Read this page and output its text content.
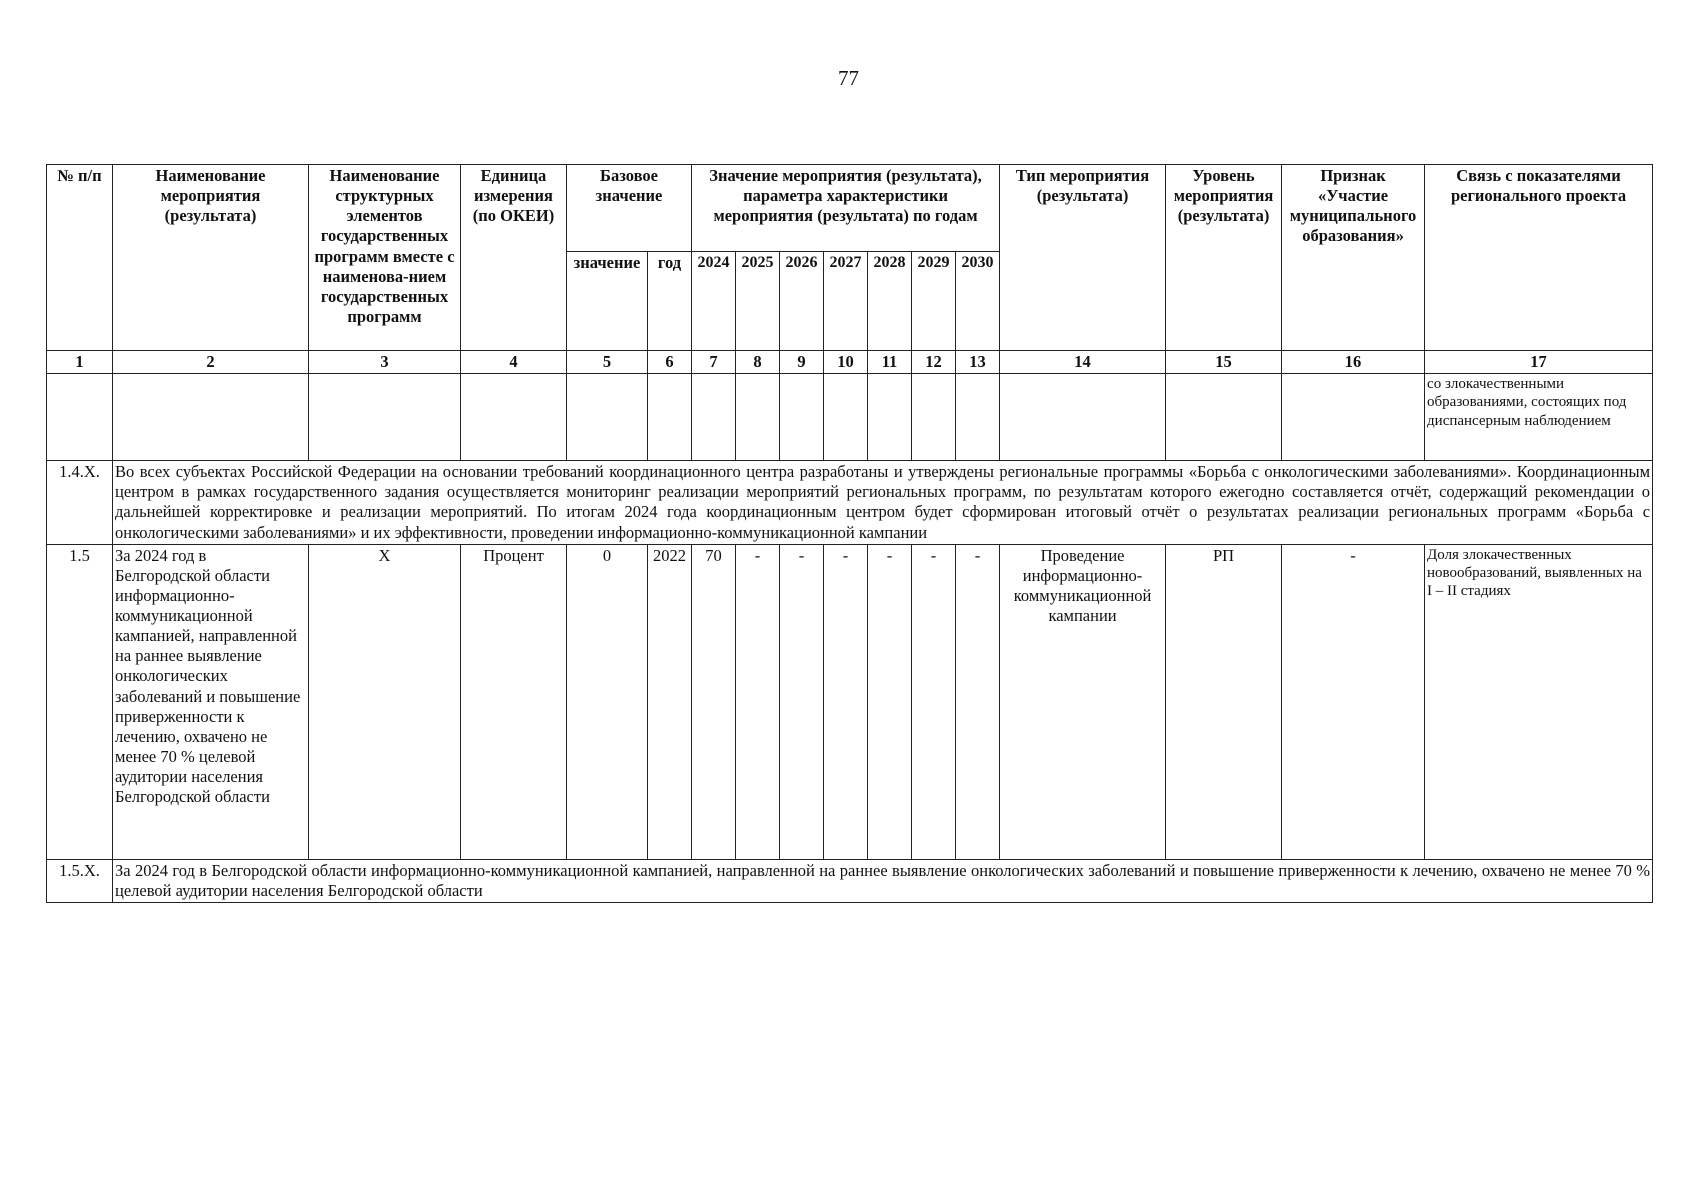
77
№ п/п	Наименование мероприятия (результата)	Наименование структурных элементов государственных программ вместе с наименова-нием государственных программ	Единица измерения (по ОКЕИ)	Базовое значение		Значение мероприятия (результата), параметра характеристики мероприятия (результата) по годам							Тип мероприятия (результата)	Уровень мероприятия (результата)	Признак «Участие муниципального образования»	Связь с показателями регионального проекта
				значение	год	2024	2025	2026	2027	2028	2029	2030				
1	2	3	4	5	6	7	8	9	10	11	12	13	14	15	16	17
																со злокачественными образованиями, состоящих под диспансерным наблюдением
1.4.X.	Во всех субъектах Российской Федерации на основании требований координационного центра разработаны и утверждены региональные программы «Борьба с онкологическими заболеваниями». Координационным центром в рамках государственного задания осуществляется мониторинг реализации мероприятий региональных программ, по результатам которого ежегодно составляется отчёт, содержащий рекомендации о дальнейшей корректировке и реализации мероприятий. По итогам 2024 года координационным центром будет сформирован итоговый отчёт о результатах реализации региональных программ «Борьба с онкологическими заболеваниями» и их эффективности, проведении информационно-коммуникационной кампании															
1.5	За 2024 год в Белгородской области информационно-коммуникационной кампанией, направленной на раннее выявление онкологических заболеваний и повышение приверженности к лечению, охвачено не менее 70 % целевой аудитории населения Белгородской области	Х	Процент	0	2022	70	-	-	-	-	-	-	Проведение информационно-коммуникационной кампании	РП	-	Доля злокачественных новообразований, выявленных на I – II стадиях
1.5.Х.	За 2024 год в Белгородской области информационно-коммуникационной кампанией, направленной на раннее выявление онкологических заболеваний и повышение приверженности к лечению, охвачено не менее 70 % целевой аудитории населения Белгородской области															
